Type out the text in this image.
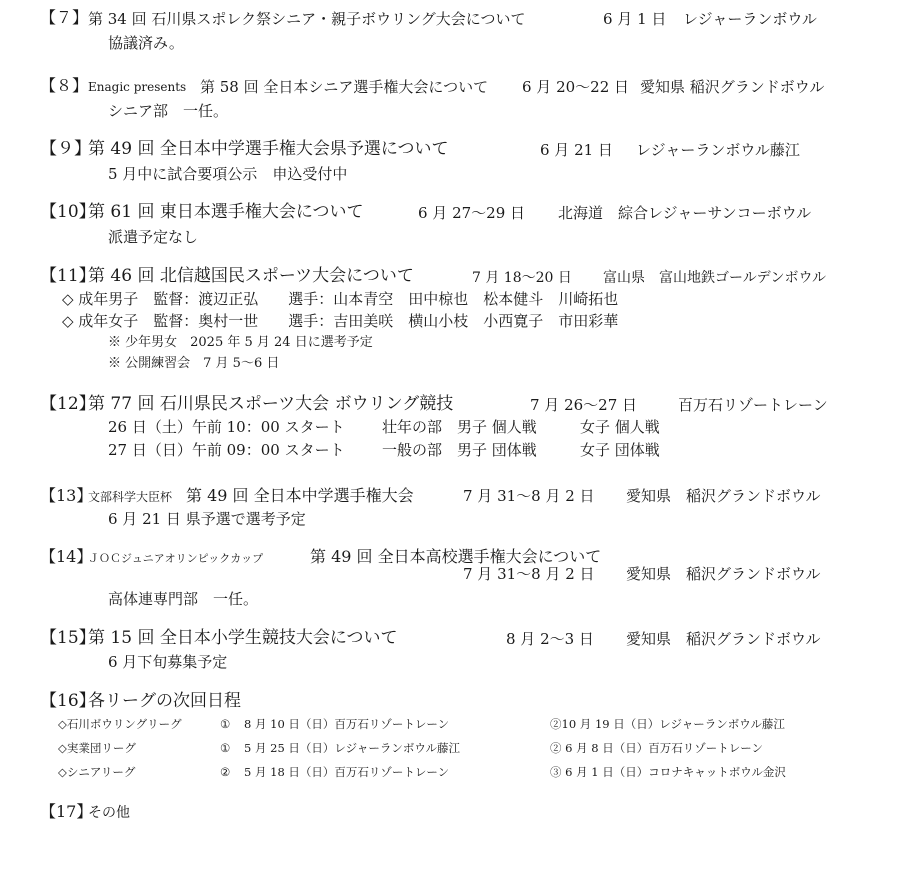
【７】 第 34 回 石川県スポレク祭シニア・親子ボウリング大会について	6 月 1 日 レジャーランボウル
協議済み。
【８】 Enagic presents 第 58 回 全日本シニア選手権大会について 6 月 20～22 日 愛知県 稲沢グランドボウル
シニア部　一任。
【９】
第 49 回 全日本中学選手権大会県予選について	6 月 21 日 レジャーランボウル藤江
5 月中に試合要項公示　申込受付中
【10】
第 61 回 東日本選手権大会について	6 月 27～29 日 北海道　綜合レジャーサンコーボウル
派遣予定なし
【11】
第 46 回 北信越国民スポーツ大会について	7 月 18～20 日 富山県　富山地鉄ゴールデンボウル
◇ 成年男子　監督：渡辺正弘　　選手：山本青空　田中椋也　松本健斗　川崎拓也
◇ 成年女子　監督：奥村一世　　選手：吉田美咲　横山小枝　小西寛子　市田彩華
※ 少年男女　2025 年 5 月 24 日に選考予定
※ 公開練習会　7 月 5～6 日
【12】
第 77 回 石川県民スポーツ大会 ボウリング競技	7 月 26～27 日	百万石リゾートレーン
26 日（土）午前 10：00 スタート 壮年の部　男子 個人戦	女子 個人戦
27 日（日）午前 09：00 スタート 一般の部　男子 団体戦	女子 団体戦
【13】
文部科学大臣杯 第 49 回 全日本中学選手権大会	7 月 31～8 月 2 日 愛知県　稲沢グランドボウル
6 月 21 日 県予選で選考予定
【14】
ＪＯＣジュニアオリンピックカップ	第 49 回 全日本高校選手権大会について
7 月 31～8 月 2 日 愛知県　稲沢グランドボウル
高体連専門部　一任。
【15】
第 15 回 全日本小学生競技大会について	8 月 2～3 日 愛知県　稲沢グランドボウル
6 月下旬募集予定
【16】
各リーグの次回日程
◇石川ボウリングリーグ	① 8 月 10 日（日）百万石リゾートレーン	②10 月 19 日（日）レジャーランボウル藤江
◇実業団リーグ	① 5 月 25 日（日）レジャーランボウル藤江	② 6 月 8 日（日）百万石リゾートレーン
◇シニアリーグ	② 5 月 18 日（日）百万石リゾートレーン	③ 6 月 1 日（日）コロナキャットボウル金沢
【17】
その他
